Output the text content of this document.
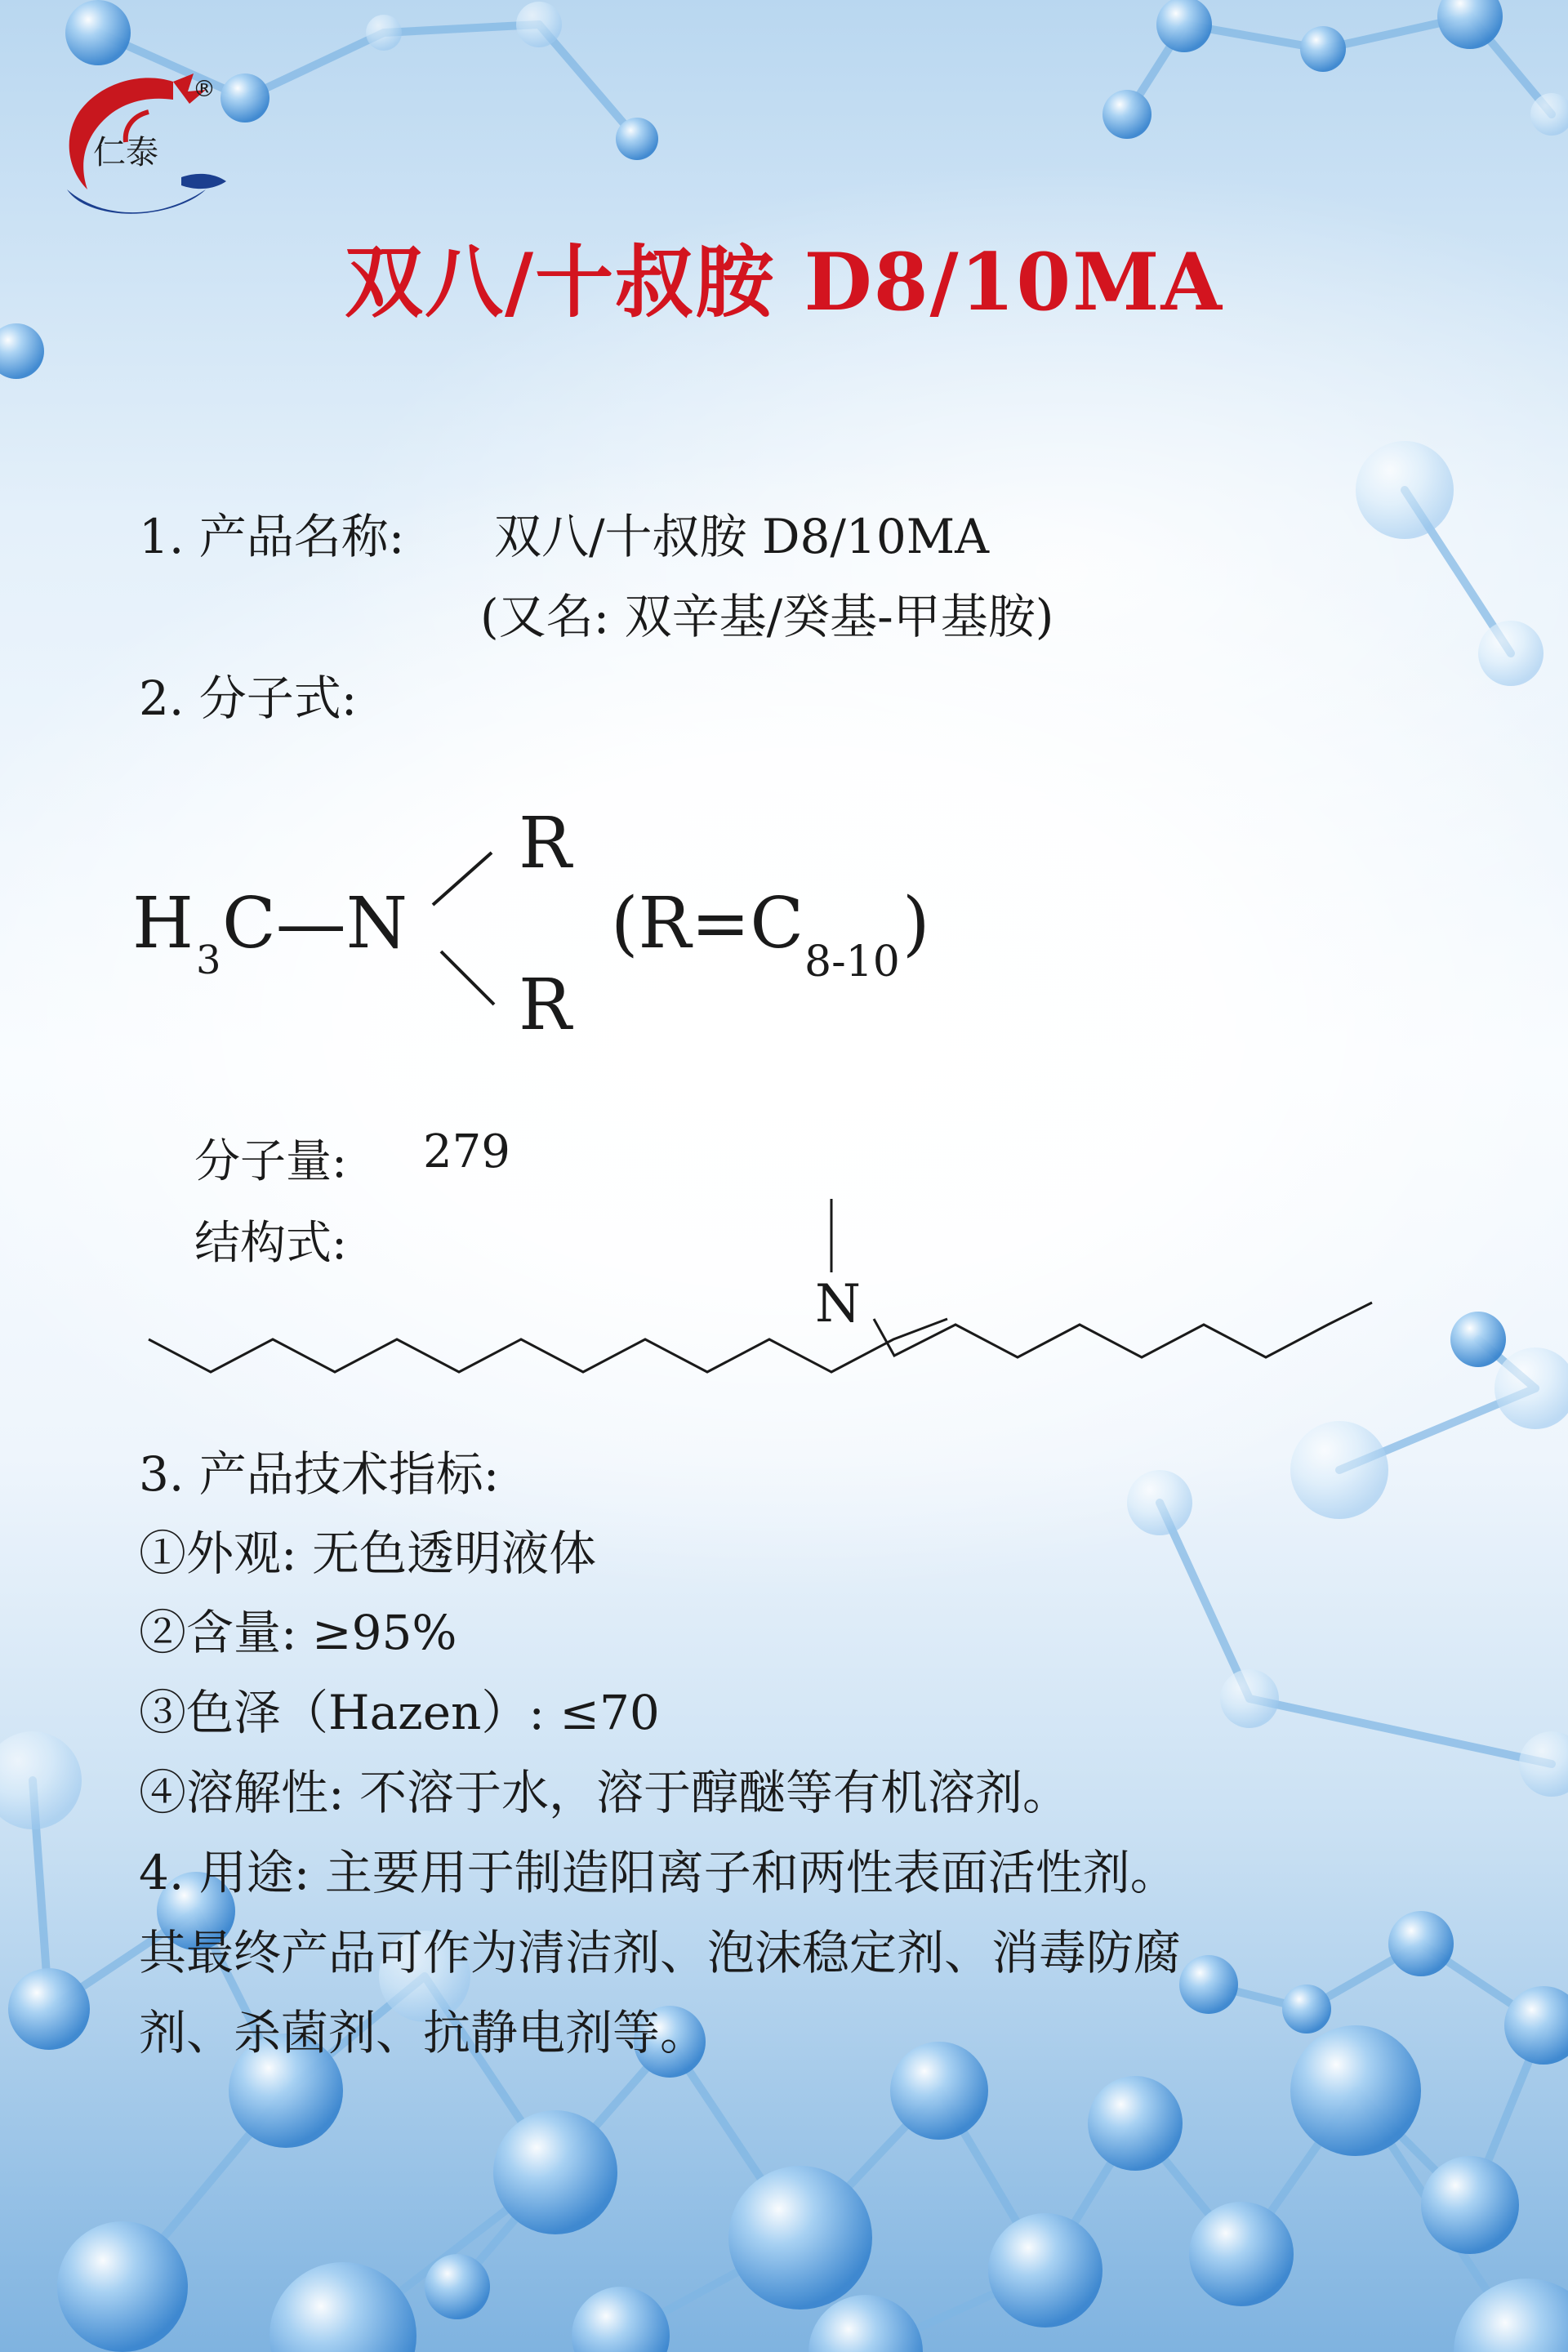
仁泰
®
双八/十叔胺 D8/10MA
1. 产品名称: 双八/十叔胺 D8/10MA
(又名: 双辛基/癸基-甲基胺)
2. 分子式:
H 3 C—N
R
R
(R=C 8-10 )
分子量: 279
结构式:
N
3. 产品技术指标:
①外观: 无色透明液体
②含量: ≥95%
③色泽（Hazen）: ≤70
④溶解性: 不溶于水，溶于醇醚等有机溶剂。
4. 用途: 主要用于制造阳离子和两性表面活性剂。
其最终产品可作为清洁剂、泡沫稳定剂、消毒防腐
剂、杀菌剂、抗静电剂等。
